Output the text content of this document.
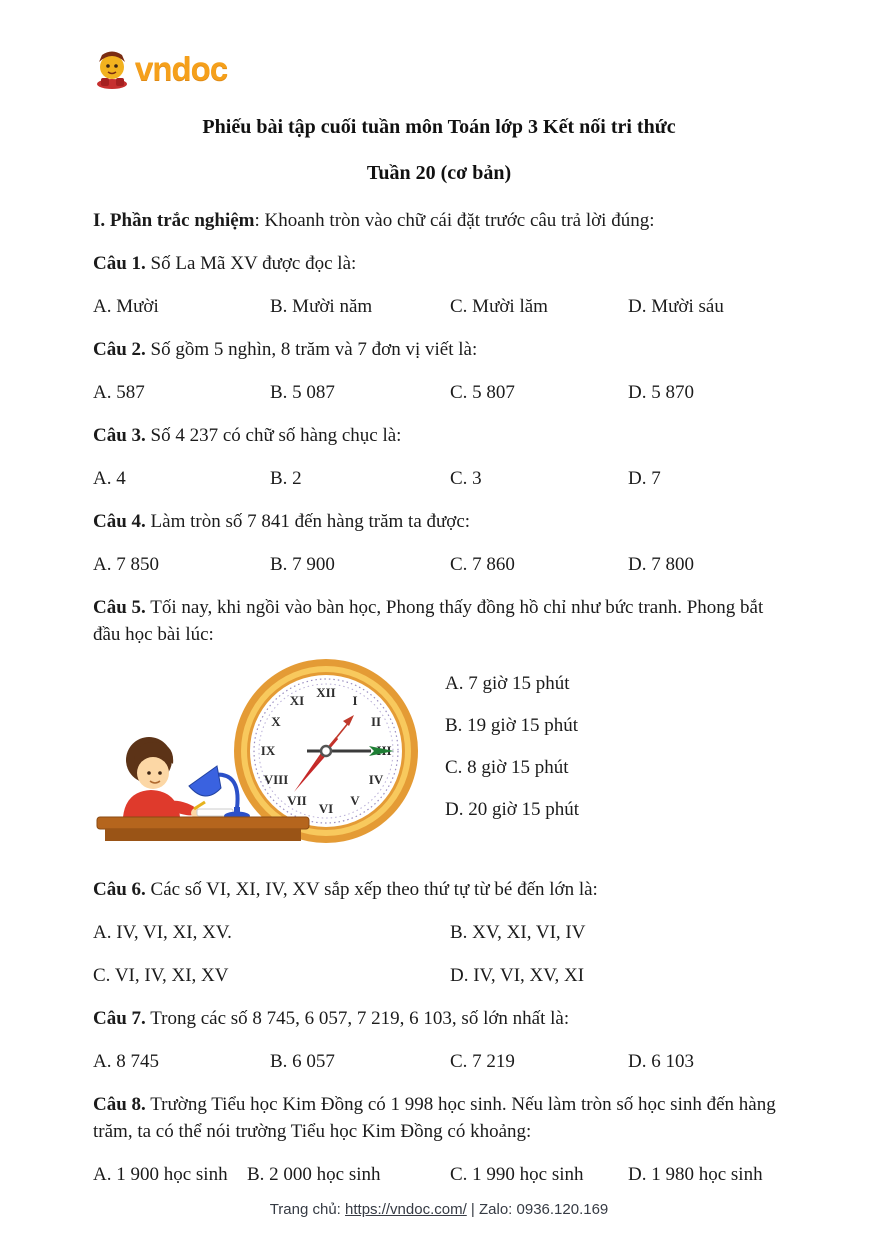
vndoc
Phiếu bài tập cuối tuần môn Toán lớp 3 Kết nối tri thức
Tuần 20 (cơ bản)

I. Phần trắc nghiệm: Khoanh tròn vào chữ cái đặt trước câu trả lời đúng:

Câu 1. Số La Mã XV được đọc là:

A. Mười	B. Mười năm	C. Mười lăm	D. Mười sáu

Câu 2. Số gồm 5 nghìn, 8 trăm và 7 đơn vị viết là:

A. 587	B. 5 087	C. 5 807	D. 5 870

Câu 3. Số 4 237 có chữ số hàng chục là:

A. 4	B. 2	C. 3	D. 7

Câu 4. Làm tròn số 7 841 đến hàng trăm ta được:

A. 7 850	B. 7 900	C. 7 860	D. 7 800

Câu 5. Tối nay, khi ngồi vào bàn học, Phong thấy đồng hồ chỉ như bức tranh. Phong bắt đầu học bài lúc:

XII
I
II
IV
V
VI
VII
VIII
IX
X
XI
A. 7 giờ 15 phút
B. 19 giờ 15 phút
C. 8 giờ 15 phút
D. 20 giờ 15 phút

Câu 6. Các số VI, XI, IV, XV sắp xếp theo thứ tự từ bé đến lớn là:

A. IV, VI, XI, XV.	B. XV, XI, VI, IV
C. VI, IV, XI, XV	D. IV, VI, XV, XI

Câu 7. Trong các số 8 745, 6 057, 7 219, 6 103, số lớn nhất là:

A. 8 745	B. 6 057	C. 7 219	D. 6 103

Câu 8. Trường Tiểu học Kim Đồng có 1 998 học sinh. Nếu làm tròn số học sinh đến hàng trăm, ta có thể nói trường Tiểu học Kim Đồng có khoảng:

A. 1 900 học sinh	B. 2 000 học sinh	C. 1 990 học sinh	D. 1 980 học sinh
Trang chủ: https://vndoc.com/ | Zalo: 0936.120.169
